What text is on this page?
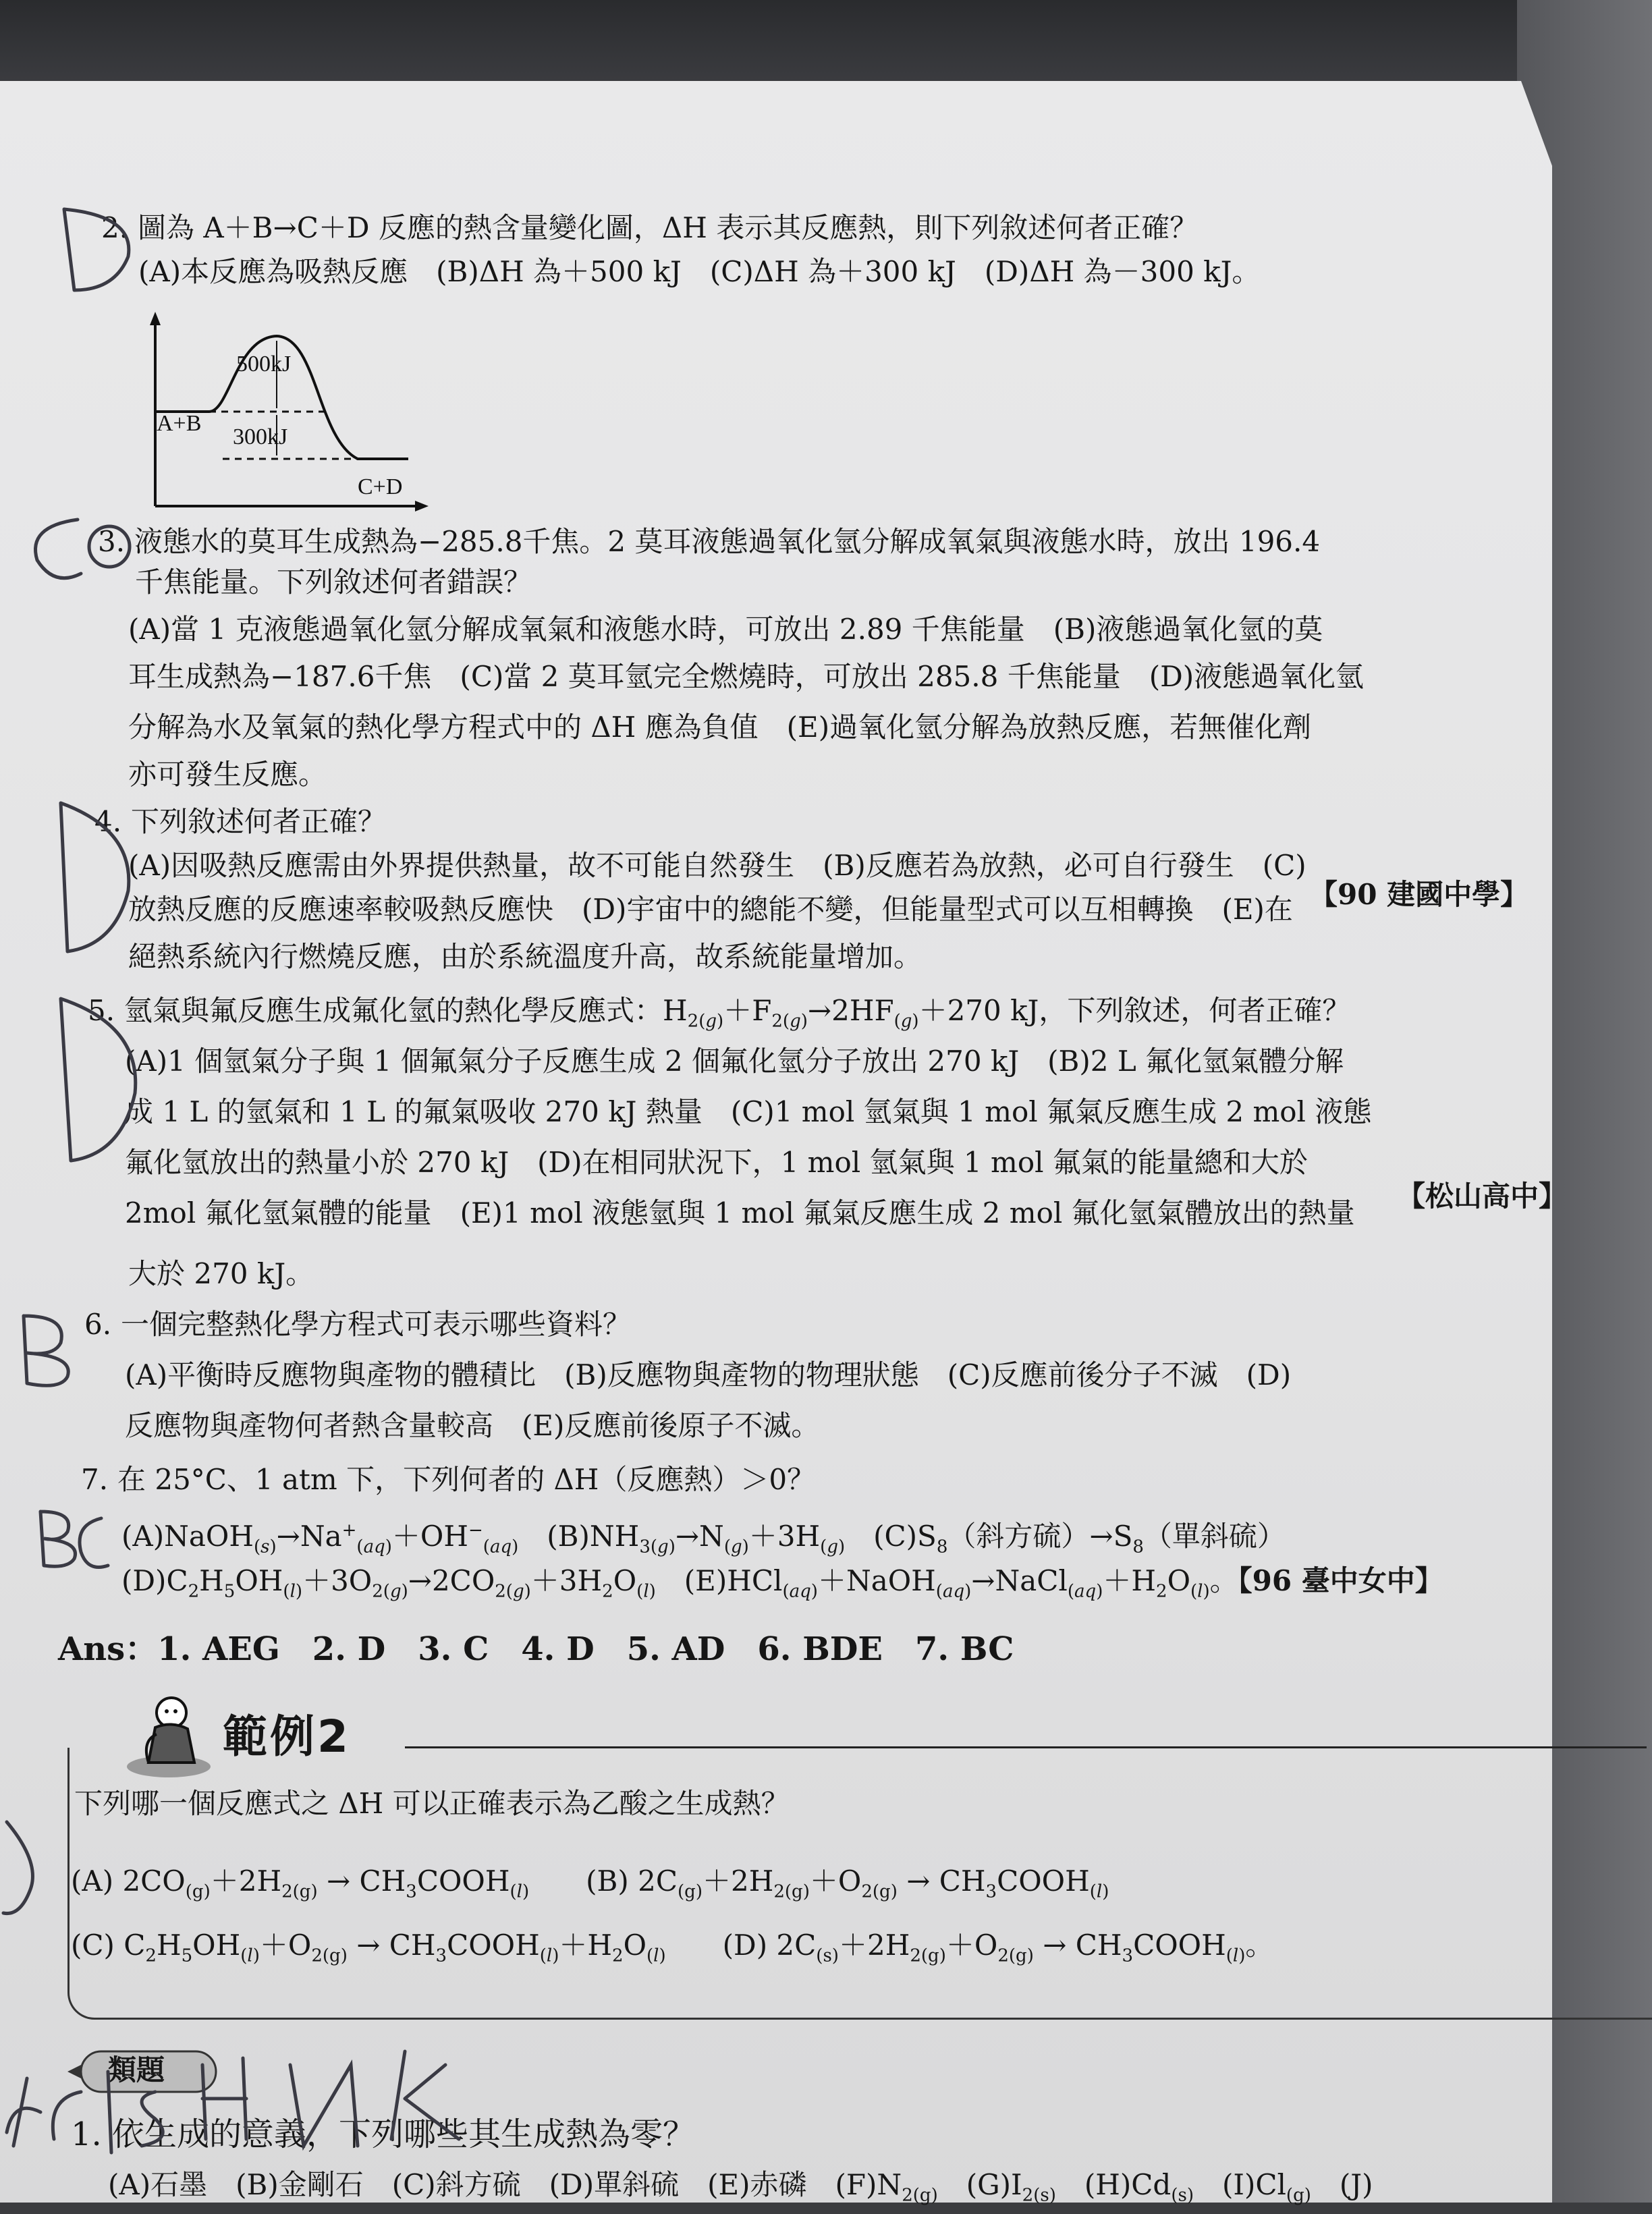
2. 圖為 A＋B→C＋D 反應的熱含量變化圖，ΔH 表示其反應熱，則下列敘述何者正確？
(A)本反應為吸熱反應　(B)ΔH 為＋500 kJ　(C)ΔH 為＋300 kJ　(D)ΔH 為－300 kJ。
500kJ
300kJ
A+B
C+D
3. 液態水的莫耳生成熱為−285.8千焦。2 莫耳液態過氧化氫分解成氧氣與液態水時，放出 196.4
千焦能量。下列敘述何者錯誤？
(A)當 1 克液態過氧化氫分解成氧氣和液態水時，可放出 2.89 千焦能量　(B)液態過氧化氫的莫
耳生成熱為−187.6千焦　(C)當 2 莫耳氫完全燃燒時，可放出 285.8 千焦能量　(D)液態過氧化氫
分解為水及氧氣的熱化學方程式中的 ΔH 應為負值　(E)過氧化氫分解為放熱反應，若無催化劑
亦可發生反應。
4. 下列敘述何者正確？
(A)因吸熱反應需由外界提供熱量，故不可能自然發生　(B)反應若為放熱，必可自行發生　(C)
放熱反應的反應速率較吸熱反應快　(D)宇宙中的總能不變，但能量型式可以互相轉換　(E)在
絕熱系統內行燃燒反應，由於系統溫度升高，故系統能量增加。
【90 建國中學】
5. 氫氣與氟反應生成氟化氫的熱化學反應式：$H_{2(g)}+F_{2(g)}\to 2HF_{(g)}+270$ kJ，下列敘述，何者正確？
(A)1 個氫氣分子與 1 個氟氣分子反應生成 2 個氟化氫分子放出 270 kJ　(B)2 L 氟化氫氣體分解
成 1 L 的氫氣和 1 L 的氟氣吸收 270 kJ 熱量　(C)1 mol 氫氣與 1 mol 氟氣反應生成 2 mol 液態
氟化氫放出的熱量小於 270 kJ　(D)在相同狀況下，1 mol 氫氣與 1 mol 氟氣的能量總和大於
2mol 氟化氫氣體的能量　(E)1 mol 液態氫與 1 mol 氟氣反應生成 2 mol 氟化氫氣體放出的熱量
大於 270 kJ。
【松山高中】
6. 一個完整熱化學方程式可表示哪些資料？
(A)平衡時反應物與產物的體積比　(B)反應物與產物的物理狀態　(C)反應前後分子不滅　(D)
反應物與產物何者熱含量較高　(E)反應前後原子不滅。
7. 在 25°C、1 atm 下，下列何者的 ΔH（反應熱）＞0？
$(A)NaOH_{(s)}\to Na^+_{(aq)}+OH^-_{(aq)}$　$(B)NH_{3(g)}\to N_{(g)}+3H_{(g)}$　$(C)S_8$（斜方硫）$\to S_8$（單斜硫）
$(D)C_2H_5OH_{(l)}+3O_{2(g)}\to 2CO_{2(g)}+3H_2O_{(l)}$　$(E)HCl_{(aq)}+NaOH_{(aq)}\to NaCl_{(aq)}+H_2O_{(l)}$。【96 臺中女中】
Ans：1. AEG　2. D　3. C　4. D　5. AD　6. BDE　7. BC
範例2
下列哪一個反應式之 ΔH 可以正確表示為乙酸之生成熱？
(A) $2CO_{(g)}+2H_{2(g)}$ → $CH_3COOH_{(l)}$　　(B) $2C_{(g)}+2H_{2(g)}+O_{2(g)}$ → $CH_3COOH_{(l)}$
(C) $C_2H_5OH_{(l)}+O_{2(g)}$ → $CH_3COOH_{(l)}+H_2O_{(l)}$　　(D) $2C_{(s)}+2H_{2(g)}+O_{2(g)}$ → $CH_3COOH_{(l)}$。
類題
1. 依生成的意義，下列哪些其生成熱為零？
(A)石墨　(B)金剛石　(C)斜方硫　(D)單斜硫　(E)赤磷　$(F)N_{2(g)}$　$(G)I_{2(s)}$　$(H)Cd_{(s)}$　$(I)Cl_{(g)}$　(J)
